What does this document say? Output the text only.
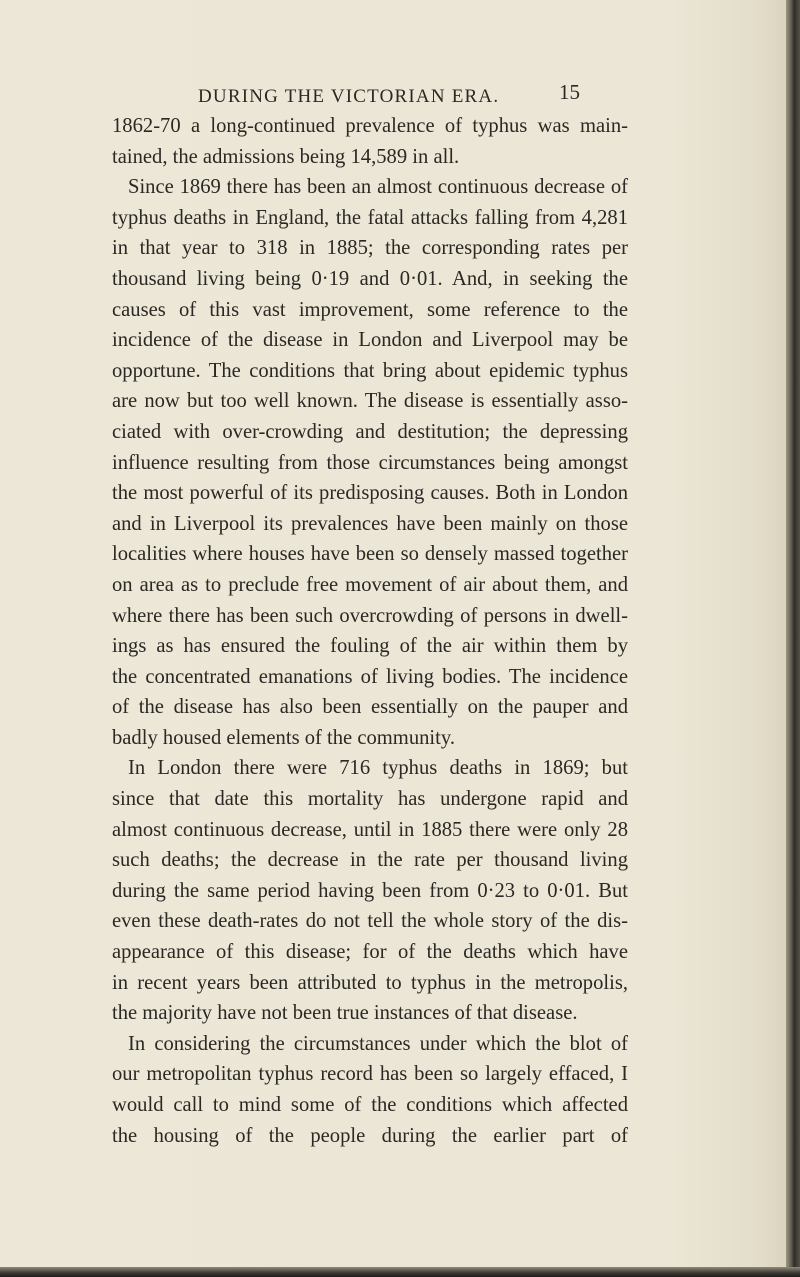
DURING THE VICTORIAN ERA.	15
1862-70 a long-continued prevalence of typhus was main-
tained, the admissions being 14,589 in all.
Since 1869 there has been an almost continuous decrease of
typhus deaths in England, the fatal attacks falling from 4,281
in that year to 318 in 1885; the corresponding rates per
thousand living being 0·19 and 0·01. And, in seeking the
causes of this vast improvement, some reference to the
incidence of the disease in London and Liverpool may be
opportune. The conditions that bring about epidemic typhus
are now but too well known. The disease is essentially asso-
ciated with over-crowding and destitution; the depressing
influence resulting from those circumstances being amongst
the most powerful of its predisposing causes. Both in London
and in Liverpool its prevalences have been mainly on those
localities where houses have been so densely massed together
on area as to preclude free movement of air about them, and
where there has been such overcrowding of persons in dwell-
ings as has ensured the fouling of the air within them by
the concentrated emanations of living bodies. The incidence
of the disease has also been essentially on the pauper and
badly housed elements of the community.
In London there were 716 typhus deaths in 1869; but
since that date this mortality has undergone rapid and
almost continuous decrease, until in 1885 there were only 28
such deaths; the decrease in the rate per thousand living
during the same period having been from 0·23 to 0·01. But
even these death-rates do not tell the whole story of the dis-
appearance of this disease; for of the deaths which have
in recent years been attributed to typhus in the metropolis,
the majority have not been true instances of that disease.
In considering the circumstances under which the blot of
our metropolitan typhus record has been so largely effaced, I
would call to mind some of the conditions which affected
the housing of the people during the earlier part of
